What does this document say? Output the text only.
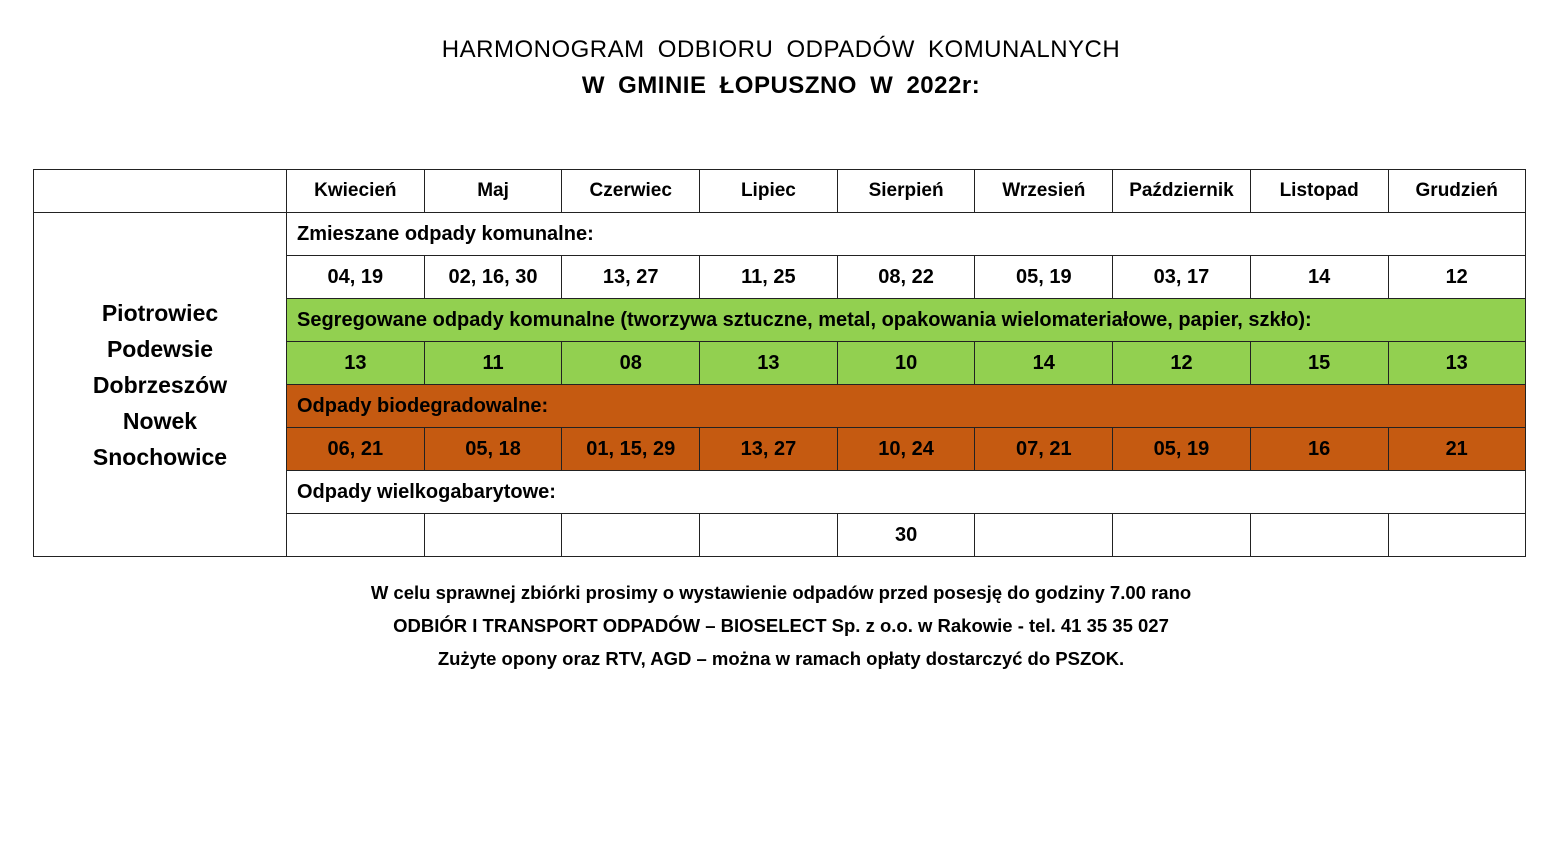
HARMONOGRAM ODBIORU ODPADÓW KOMUNALNYCH
W GMINIE ŁOPUSZNO W 2022r:
	Kwiecień	Maj	Czerwiec	Lipiec	Sierpień	Wrzesień	Październik	Listopad	Grudzień

Piotrowiec
Podewsie
Dobrzeszów
Nowek
Snochowice	Zmieszane odpady komunalne:								
	04, 19	02, 16, 30	13, 27	11, 25	08, 22	05, 19	03, 17	14	12
	Segregowane odpady komunalne (tworzywa sztuczne, metal, opakowania wielomateriałowe, papier, szkło):								
	13	11	08	13	10	14	12	15	13
	Odpady biodegradowalne:								
	06, 21	05, 18	01, 15, 29	13, 27	10, 24	07, 21	05, 19	16	21
	Odpady wielkogabarytowe:								
					30				
W celu sprawnej zbiórki prosimy o wystawienie odpadów przed posesję do godziny 7.00 rano
ODBIÓR I TRANSPORT ODPADÓW – BIOSELECT Sp. z o.o. w Rakowie - tel. 41 35 35 027
Zużyte opony oraz RTV, AGD – można w ramach opłaty dostarczyć do PSZOK.
